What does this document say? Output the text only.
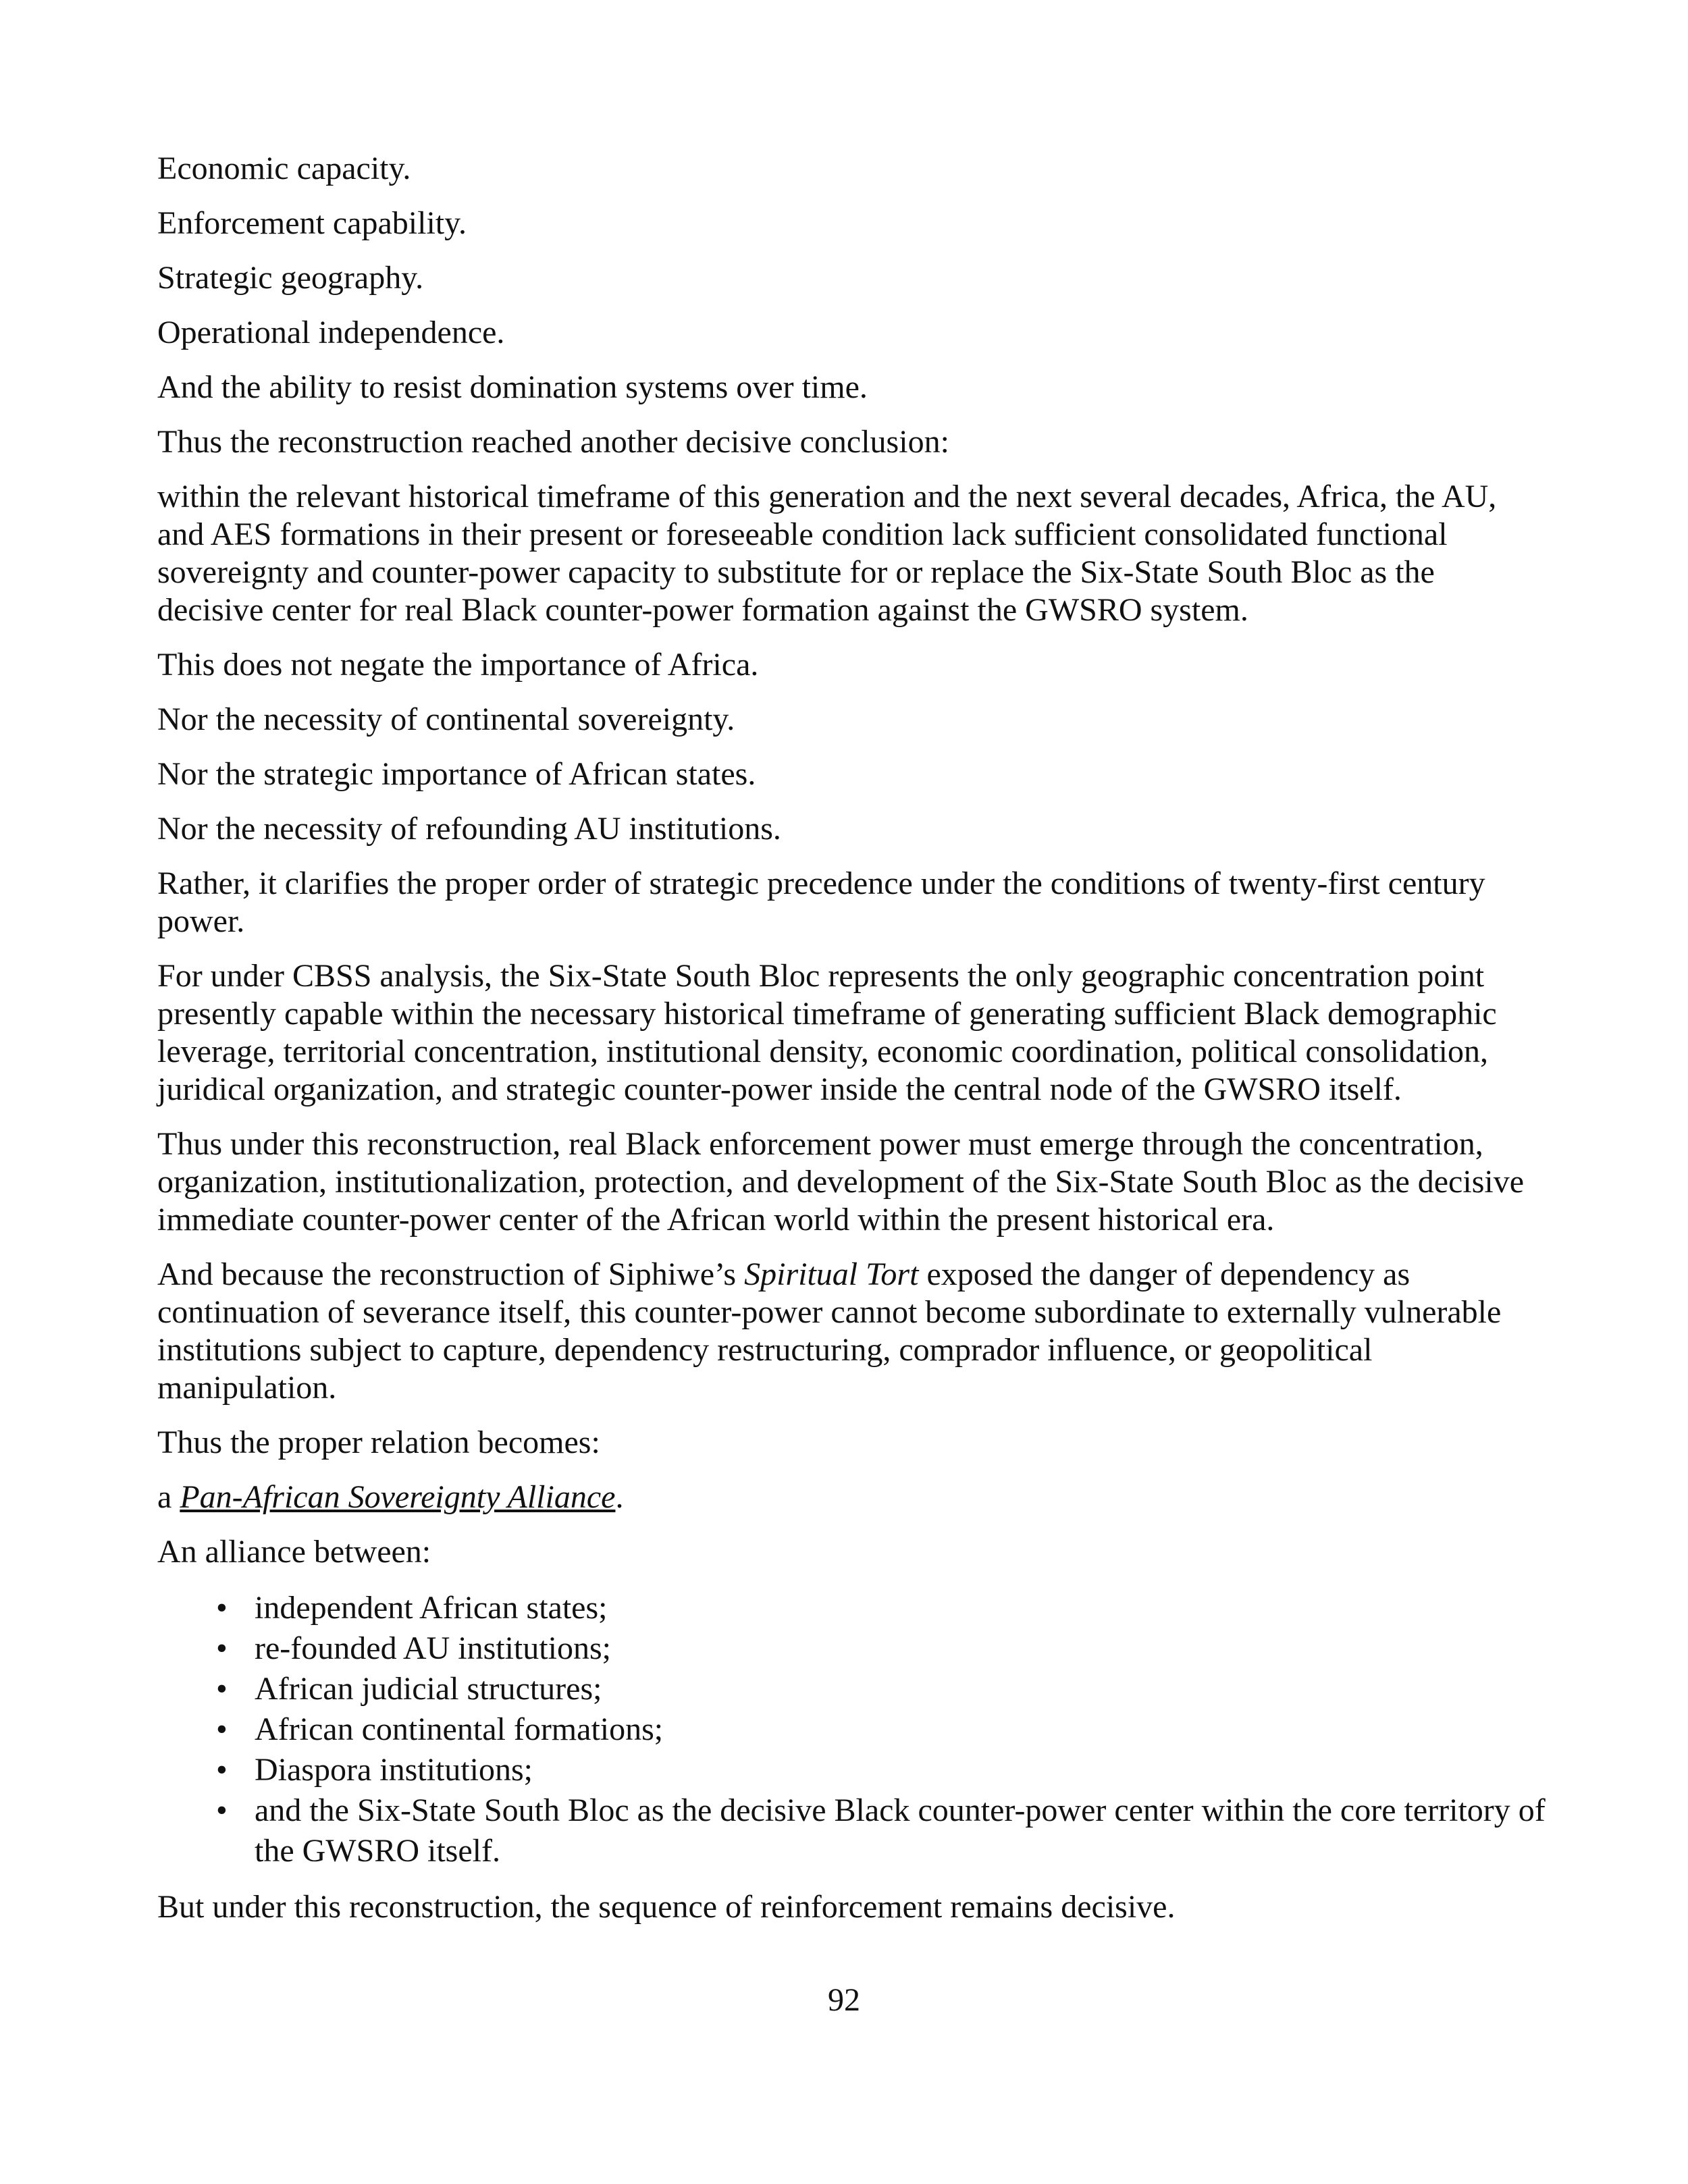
Economic capacity.

Enforcement capability.

Strategic geography.

Operational independence.

And the ability to resist domination systems over time.

Thus the reconstruction reached another decisive conclusion:

within the relevant historical timeframe of this generation and the next several decades, Africa, the AU, and AES formations in their present or foreseeable condition lack sufficient consolidated functional sovereignty and counter-power capacity to substitute for or replace the Six-State South Bloc as the decisive center for real Black counter-power formation against the GWSRO system.

This does not negate the importance of Africa.

Nor the necessity of continental sovereignty.

Nor the strategic importance of African states.

Nor the necessity of refounding AU institutions.

Rather, it clarifies the proper order of strategic precedence under the conditions of twenty-first century power.

For under CBSS analysis, the Six-State South Bloc represents the only geographic concentration point presently capable within the necessary historical timeframe of generating sufficient Black demographic leverage, territorial concentration, institutional density, economic coordination, political consolidation, juridical organization, and strategic counter-power inside the central node of the GWSRO itself.

Thus under this reconstruction, real Black enforcement power must emerge through the concentration, organization, institutionalization, protection, and development of the Six-State South Bloc as the decisive immediate counter-power center of the African world within the present historical era.

And because the reconstruction of Siphiwe’s Spiritual Tort exposed the danger of dependency as continuation of severance itself, this counter-power cannot become subordinate to externally vulnerable institutions subject to capture, dependency restructuring, comprador influence, or geopolitical manipulation.

Thus the proper relation becomes:

a Pan-African Sovereignty Alliance.

An alliance between:

• independent African states;
• re-founded AU institutions;
• African judicial structures;
• African continental formations;
• Diaspora institutions;
• and the Six-State South Bloc as the decisive Black counter-power center within the core territory of the GWSRO itself.

But under this reconstruction, the sequence of reinforcement remains decisive.

92
